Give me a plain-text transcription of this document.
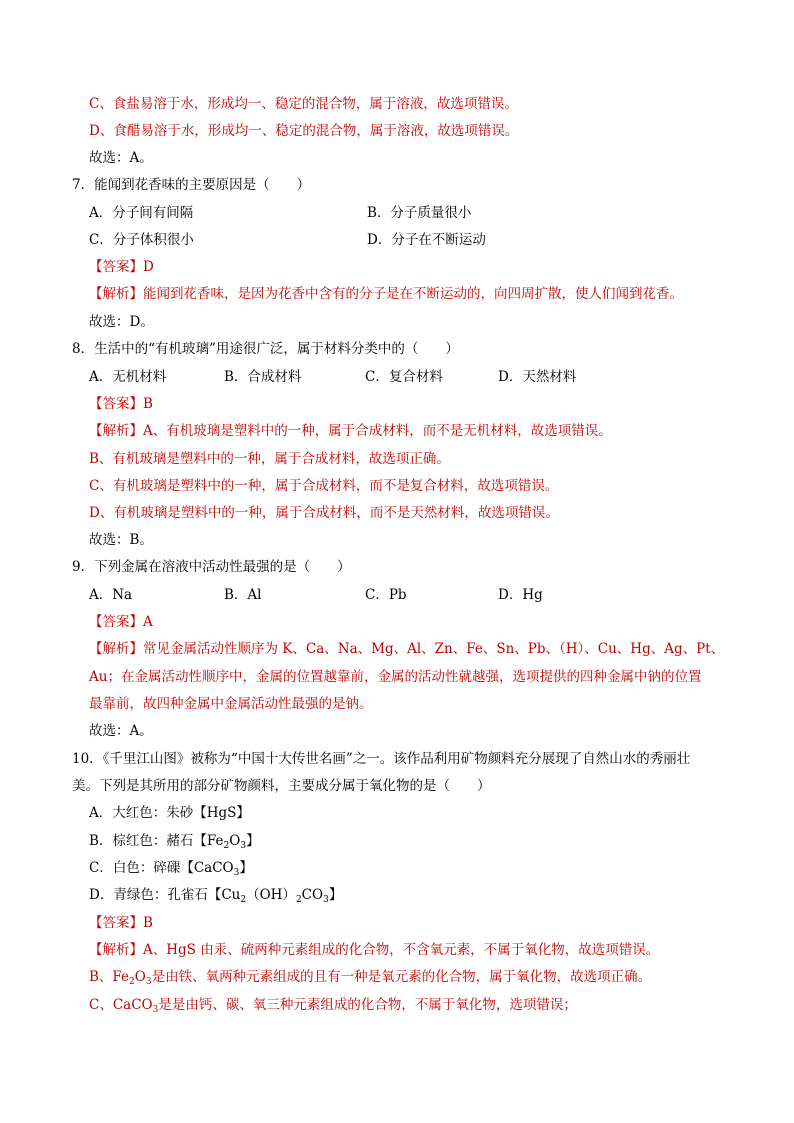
C、食盐易溶于水，形成均一、稳定的混合物，属于溶液，故选项错误。
D、食醋易溶于水，形成均一、稳定的混合物，属于溶液，故选项错误。
故选：A。
7．能闻到花香味的主要原因是（　　）
A．分子间有间隔	B．分子质量很小
C．分子体积很小	D．分子在不断运动
【答案】D
【解析】能闻到花香味，是因为花香中含有的分子是在不断运动的，向四周扩散，使人们闻到花香。
故选：D。
8．生活中的“有机玻璃”用途很广泛，属于材料分类中的（　　）
A．无机材料	B．合成材料	C．复合材料	D．天然材料
【答案】B
【解析】A、有机玻璃是塑料中的一种，属于合成材料，而不是无机材料，故选项错误。
B、有机玻璃是塑料中的一种，属于合成材料，故选项正确。
C、有机玻璃是塑料中的一种，属于合成材料，而不是复合材料，故选项错误。
D、有机玻璃是塑料中的一种，属于合成材料，而不是天然材料，故选项错误。
故选：B。
9．下列金属在溶液中活动性最强的是（　　）
A．Na	B．Al	C．Pb	D．Hg
【答案】A
【解析】常见金属活动性顺序为 K、Ca、Na、Mg、Al、Zn、Fe、Sn、Pb、（H）、Cu、Hg、Ag、Pt、
Au；在金属活动性顺序中，金属的位置越靠前，金属的活动性就越强，选项提供的四种金属中钠的位置
最靠前，故四种金属中金属活动性最强的是钠。
故选：A。
10．《千里江山图》被称为“中国十大传世名画”之一。该作品利用矿物颜料充分展现了自然山水的秀丽壮
美。下列是其所用的部分矿物颜料，主要成分属于氧化物的是（　　）
A．大红色：朱砂【HgS】
B．棕红色：赭石【$Fe_2O_3$】
C．白色：碎磲【CaCO$_3$】
D．青绿色：孔雀石【$Cu_2(OH)_2CO_3$】
【答案】B
【解析】A、HgS 由汞、硫两种元素组成的化合物，不含氧元素，不属于氧化物，故选项错误。
B、$Fe_2O_3$是由铁、氧两种元素组成的且有一种是氧元素的化合物，属于氧化物，故选项正确。
C、CaCO$_3$是是由钙、碳、氧三种元素组成的化合物，不属于氧化物，选项错误；
